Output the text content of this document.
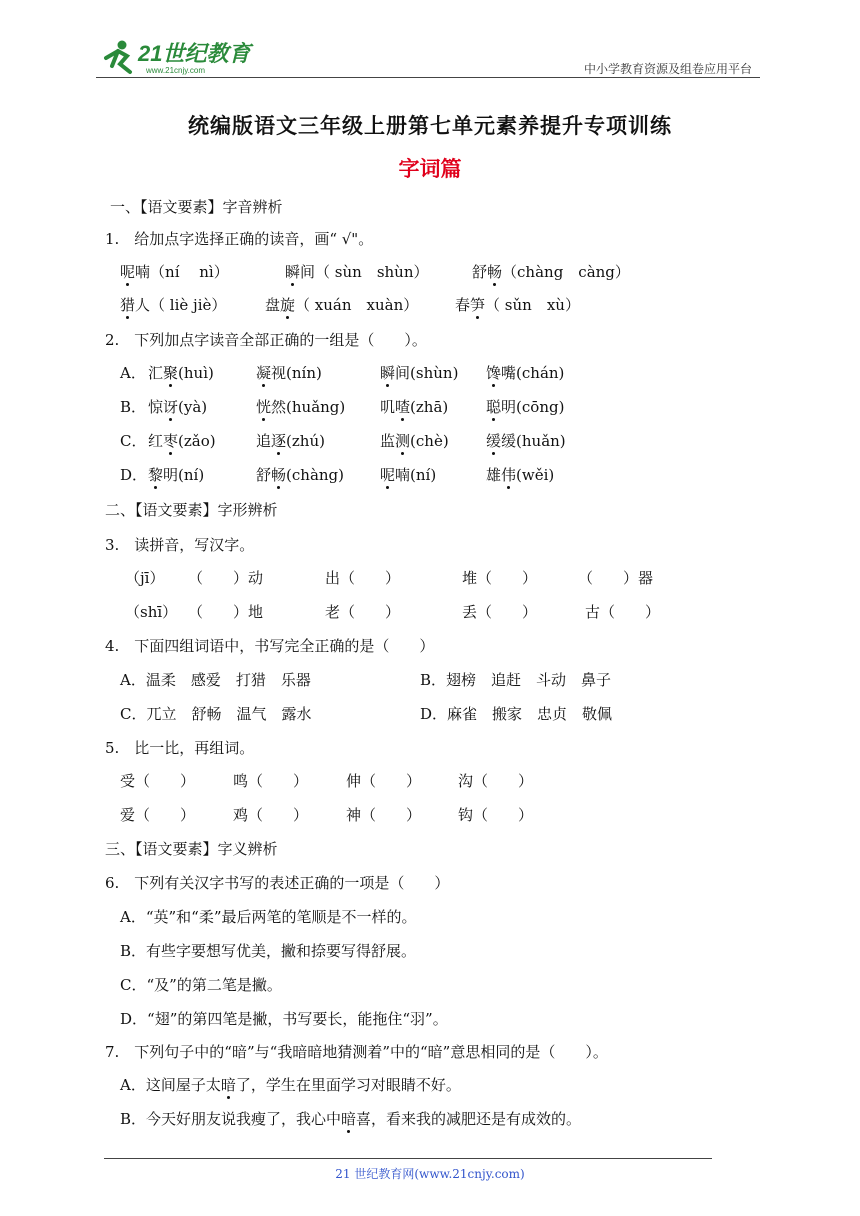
21世纪教育
www.21cnjy.com	中小学教育资源及组卷应用平台
统编版语文三年级上册第七单元素养提升专项训练
字词篇
一、【语文要素】字音辨析
1.　给加点字选择正确的读音，画“ √"。
呢喃（ní　 nì）	瞬间（ sùn　shùn）	舒畅（chàng　càng）
猎人（ liè jiè）	盘旋（ xuán　xuàn） 春笋（ sǔn　xù）
2.　下列加点字读音全部正确的一组是（　　）。
A． 汇聚(huì)	凝视(nín)	瞬间(shùn) 馋嘴(chán)
B． 惊讶(yà)	恍然(huǎng) 叽喳(zhā)	聪明(cōng)
C． 红枣(zǎo)	追逐(zhú)	监测(chè) 缓缓(huǎn)
D． 黎明(ní)	舒畅(chàng) 呢喃(ní)	雄伟(wěi)
二、【语文要素】字形辨析
3.　读拼音，写汉字。
（jī） （　　）动	出（　　）	堆（　　）	（　　）器
（shī） （　　）地	老（　　）	丢（　　）	古（　　）
4.　下面四组词语中，书写完全正确的是（　　）
A．温柔　感爱　打猎　乐器	B．翅榜　追赶　斗动　鼻子
C．兀立　舒畅　温气　露水	D．麻雀　搬家　忠贞　敬佩
5.　比一比，再组词。
受（　　）	鸣（　　）	伸（　　） 沟（　　）
爱（　　）	鸡（　　）	神（　　） 钩（　　）
三、【语文要素】字义辨析
6.　下列有关汉字书写的表述正确的一项是（　　）
A．“英”和“柔”最后两笔的笔顺是不一样的。
B．有些字要想写优美，撇和捺要写得舒展。
C．“及”的第二笔是撇。
D．“翅”的第四笔是撇，书写要长，能拖住“羽”。
7.　下列句子中的“暗”与“我暗暗地猜测着”中的“暗”意思相同的是（　　）。
A．这间屋子太暗了，学生在里面学习对眼睛不好。
B．今天好朋友说我瘦了，我心中暗喜，看来我的减肥还是有成效的。
21 世纪教育网(www.21cnjy.com)
